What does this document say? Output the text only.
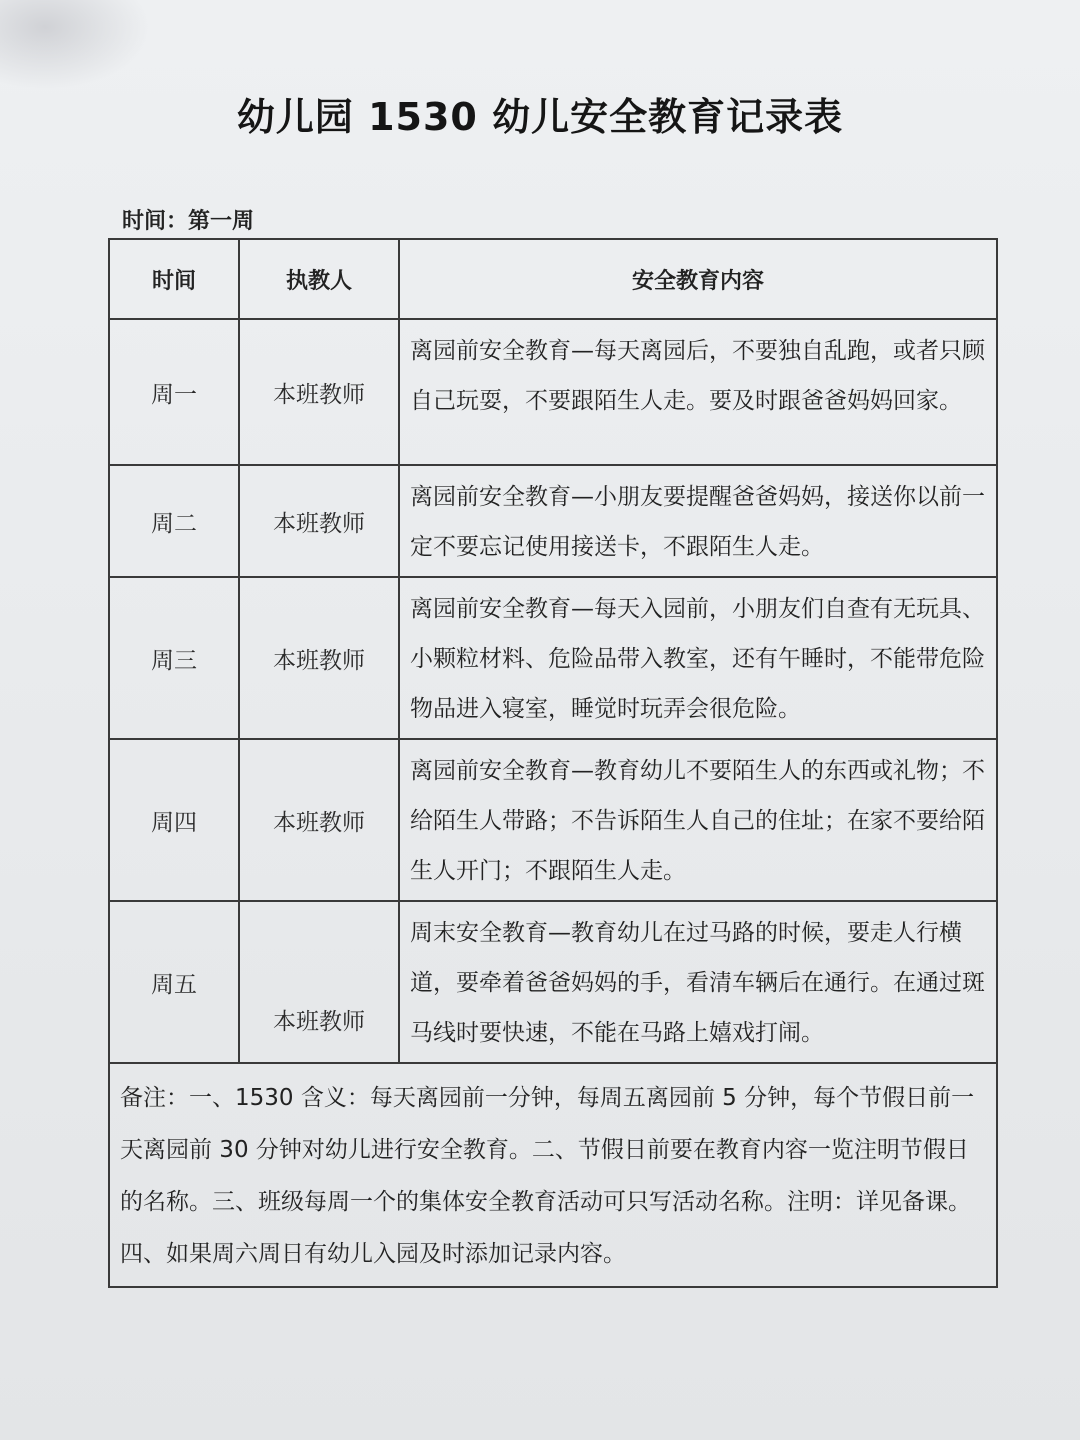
幼儿园 1530 幼儿安全教育记录表
时间：第一周
时间	执教人	安全教育内容
周一	本班教师	离园前安全教育—每天离园后，不要独自乱跑，或者只顾自己玩耍，不要跟陌生人走。要及时跟爸爸妈妈回家。
周二	本班教师	离园前安全教育—小朋友要提醒爸爸妈妈，接送你以前一定不要忘记使用接送卡，不跟陌生人走。
周三	本班教师	离园前安全教育—每天入园前，小朋友们自查有无玩具、小颗粒材料、危险品带入教室，还有午睡时，不能带危险物品进入寝室，睡觉时玩弄会很危险。
周四	本班教师	离园前安全教育—教育幼儿不要陌生人的东西或礼物；不给陌生人带路；不告诉陌生人自己的住址；在家不要给陌生人开门；不跟陌生人走。
周五	本班教师	周末安全教育—教育幼儿在过马路的时候，要走人行横道，要牵着爸爸妈妈的手，看清车辆后在通行。在通过斑马线时要快速，不能在马路上嬉戏打闹。
备注：一、1530 含义：每天离园前一分钟，每周五离园前 5 分钟，每个节假日前一天离园前 30 分钟对幼儿进行安全教育。二、节假日前要在教育内容一览注明节假日的名称。三、班级每周一个的集体安全教育活动可只写活动名称。注明：详见备课。四、如果周六周日有幼儿入园及时添加记录内容。		
